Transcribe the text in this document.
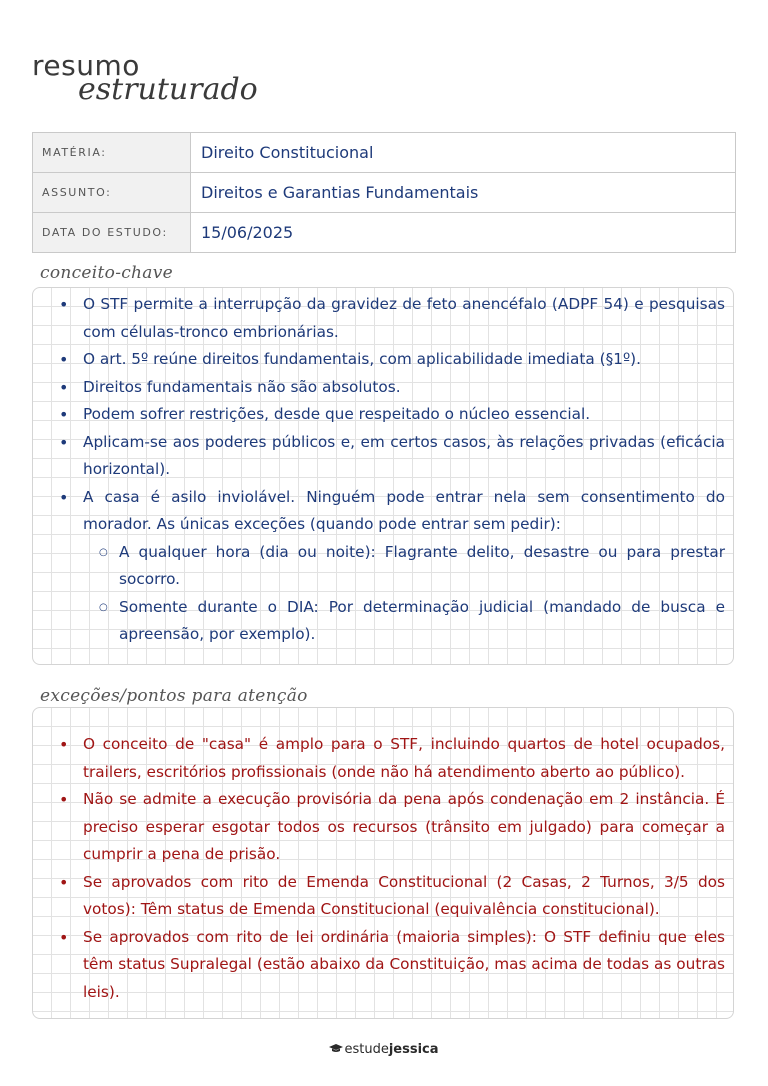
resumo
estruturado
MATÉRIA:	Direito Constitucional
ASSUNTO:	Direitos e Garantias Fundamentais
DATA DO ESTUDO:	15/06/2025
conceito-chave
• O STF permite a interrupção da gravidez de feto anencéfalo (ADPF 54) e pesquisas com células-tronco embrionárias.
• O art. 5º reúne direitos fundamentais, com aplicabilidade imediata (§1º).
• Direitos fundamentais não são absolutos.
• Podem sofrer restrições, desde que respeitado o núcleo essencial.
• Aplicam-se aos poderes públicos e, em certos casos, às relações privadas (eficácia horizontal).
• A casa é asilo inviolável. Ninguém pode entrar nela sem consentimento do morador. As únicas exceções (quando pode entrar sem pedir):
○ A qualquer hora (dia ou noite): Flagrante delito, desastre ou para prestar socorro.
○ Somente durante o DIA: Por determinação judicial (mandado de busca e apreensão, por exemplo).
exceções/pontos para atenção
• O conceito de "casa" é amplo para o STF, incluindo quartos de hotel ocupados, trailers, escritórios profissionais (onde não há atendimento aberto ao público).
• Não se admite a execução provisória da pena após condenação em 2 instância. É preciso esperar esgotar todos os recursos (trânsito em julgado) para começar a cumprir a pena de prisão.
• Se aprovados com rito de Emenda Constitucional (2 Casas, 2 Turnos, 3/5 dos votos): Têm status de Emenda Constitucional (equivalência constitucional).
• Se aprovados com rito de lei ordinária (maioria simples): O STF definiu que eles têm status Supralegal (estão abaixo da Constituição, mas acima de todas as outras leis).
estudejessica
